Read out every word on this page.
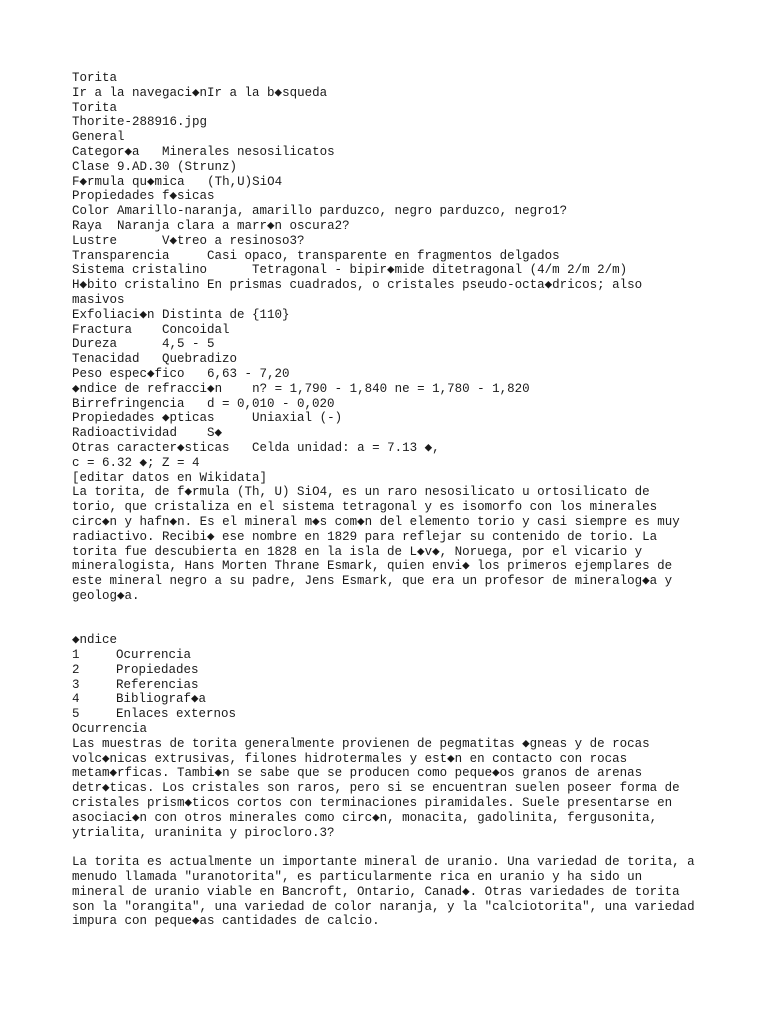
Torita
Ir a la navegaci◆nIr a la b◆squeda
Torita
Thorite-288916.jpg
General
Categor◆a   Minerales nesosilicatos
Clase 9.AD.30 (Strunz)
F◆rmula qu◆mica   (Th,U)SiO4
Propiedades f◆sicas
Color Amarillo-naranja, amarillo parduzco, negro parduzco, negro1?
Raya  Naranja clara a marr◆n oscura2?
Lustre      V◆treo a resinoso3?
Transparencia     Casi opaco, transparente en fragmentos delgados
Sistema cristalino      Tetragonal - bipir◆mide ditetragonal (4/m 2/m 2/m)
H◆bito cristalino En prismas cuadrados, o cristales pseudo-octa◆dricos; also
masivos
Exfoliaci◆n Distinta de {110}
Fractura    Concoidal
Dureza      4,5 - 5
Tenacidad   Quebradizo
Peso espec◆fico   6,63 - 7,20
◆ndice de refracci◆n    n? = 1,790 - 1,840 ne = 1,780 - 1,820
Birrefringencia   d = 0,010 - 0,020
Propiedades ◆pticas     Uniaxial (-)
Radioactividad    S◆
Otras caracter◆sticas   Celda unidad: a = 7.13 ◆,
c = 6.32 ◆; Z = 4
[editar datos en Wikidata]
La torita, de f◆rmula (Th, U) SiO4, es un raro nesosilicato u ortosilicato de
torio, que cristaliza en el sistema tetragonal y es isomorfo con los minerales
circ◆n y hafn◆n. Es el mineral m◆s com◆n del elemento torio y casi siempre es muy
radiactivo. Recibi◆ ese nombre en 1829 para reflejar su contenido de torio. La
torita fue descubierta en 1828 en la isla de L◆v◆, Noruega, por el vicario y
mineralogista, Hans Morten Thrane Esmark, quien envi◆ los primeros ejemplares de
este mineral negro a su padre, Jens Esmark, que era un profesor de mineralog◆a y
geolog◆a.
◆ndice
1	Ocurrencia
2	Propiedades
3	Referencias
4	Bibliograf◆a
5	Enlaces externos
Ocurrencia
Las muestras de torita generalmente provienen de pegmatitas ◆gneas y de rocas
volc◆nicas extrusivas, filones hidrotermales y est◆n en contacto con rocas
metam◆rficas. Tambi◆n se sabe que se producen como peque◆os granos de arenas
detr◆ticas. Los cristales son raros, pero si se encuentran suelen poseer forma de
cristales prism◆ticos cortos con terminaciones piramidales. Suele presentarse en
asociaci◆n con otros minerales como circ◆n, monacita, gadolinita, fergusonita,
ytrialita, uraninita y pirocloro.3?
La torita es actualmente un importante mineral de uranio. Una variedad de torita, a
menudo llamada "uranotorita", es particularmente rica en uranio y ha sido un
mineral de uranio viable en Bancroft, Ontario, Canad◆. Otras variedades de torita
son la "orangita", una variedad de color naranja, y la "calciotorita", una variedad
impura con peque◆as cantidades de calcio.
